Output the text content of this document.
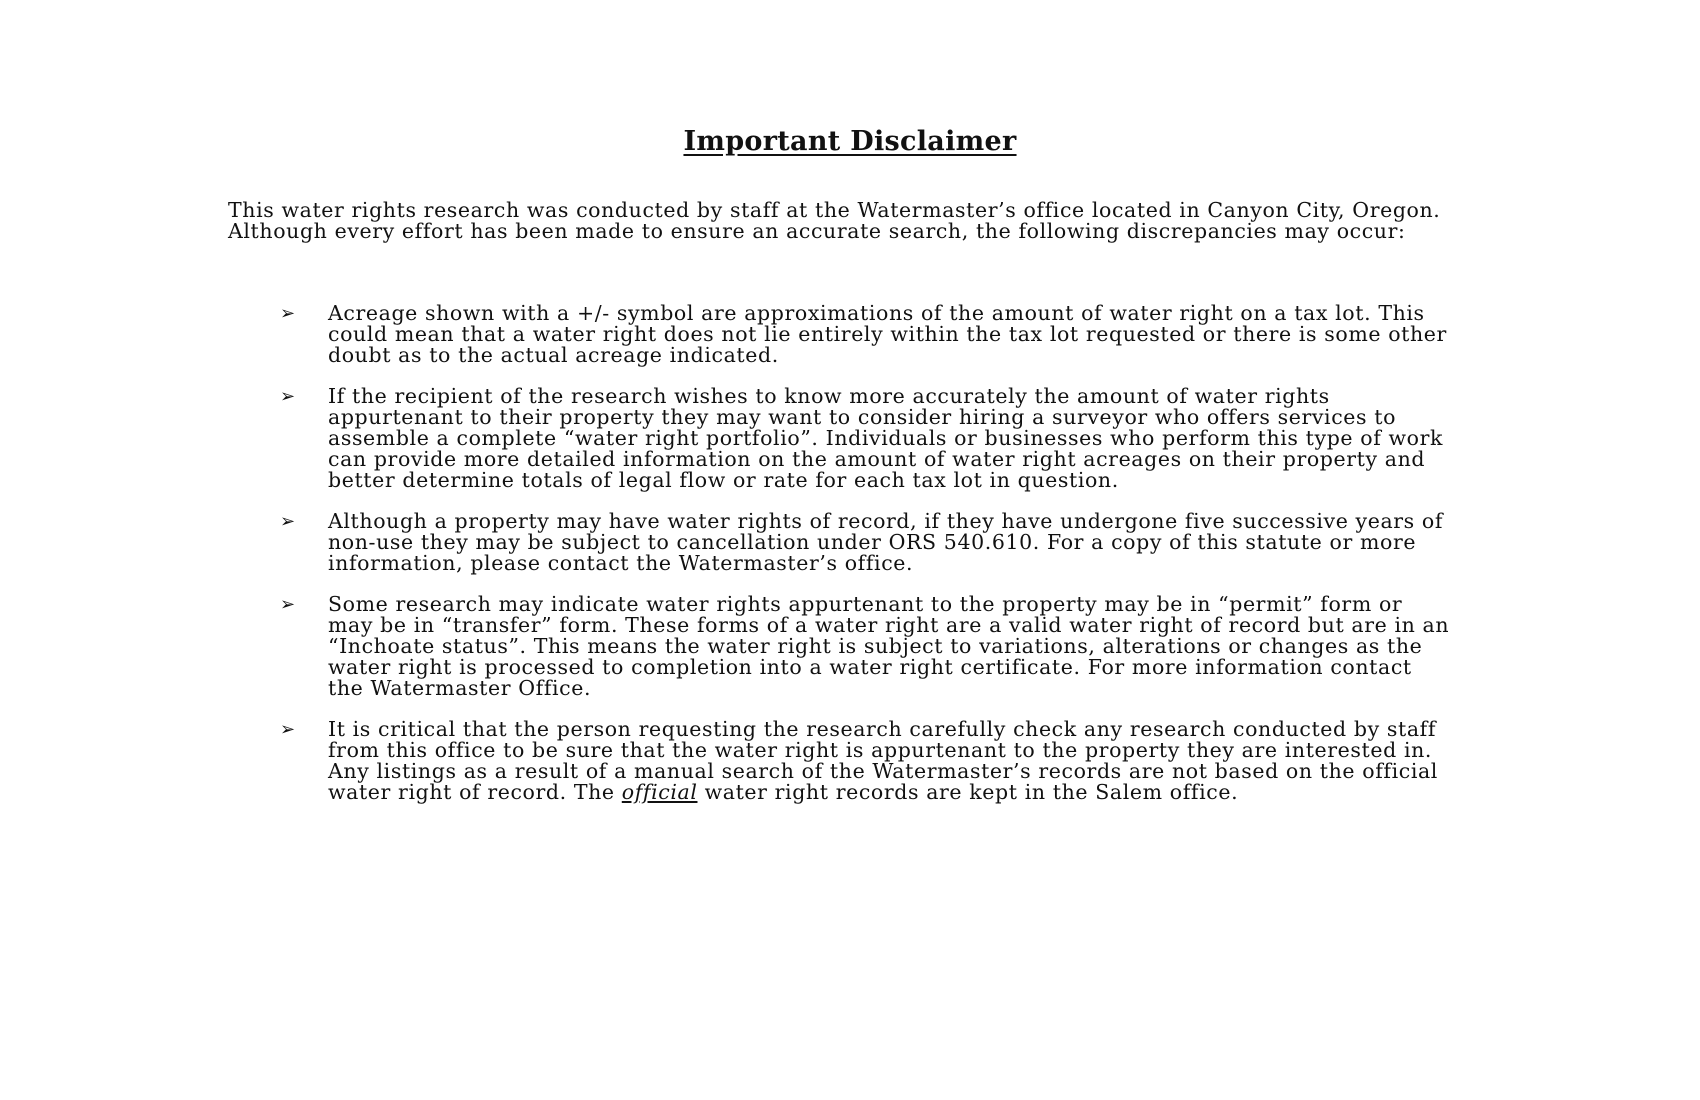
Important Disclaimer

This water rights research was conducted by staff at the Watermaster’s office located in Canyon City, Oregon. Although every effort has been made to ensure an accurate search, the following discrepancies may occur:

➢ Acreage shown with a +/- symbol are approximations of the amount of water right on a tax lot. This could mean that a water right does not lie entirely within the tax lot requested or there is some other doubt as to the actual acreage indicated.
➢ If the recipient of the research wishes to know more accurately the amount of water rights appurtenant to their property they may want to consider hiring a surveyor who offers services to assemble a complete “water right portfolio”. Individuals or businesses who perform this type of work can provide more detailed information on the amount of water right acreages on their property and better determine totals of legal flow or rate for each tax lot in question.
➢ Although a property may have water rights of record, if they have undergone five successive years of non-use they may be subject to cancellation under ORS 540.610. For a copy of this statute or more information, please contact the Watermaster’s office.
➢ Some research may indicate water rights appurtenant to the property may be in “permit” form or may be in “transfer” form. These forms of a water right are a valid water right of record but are in an “Inchoate status”. This means the water right is subject to variations, alterations or changes as the water right is processed to completion into a water right certificate. For more information contact the Watermaster Office.
➢ It is critical that the person requesting the research carefully check any research conducted by staff from this office to be sure that the water right is appurtenant to the property they are interested in. Any listings as a result of a manual search of the Watermaster’s records are not based on the official water right of record. The official water right records are kept in the Salem office.
